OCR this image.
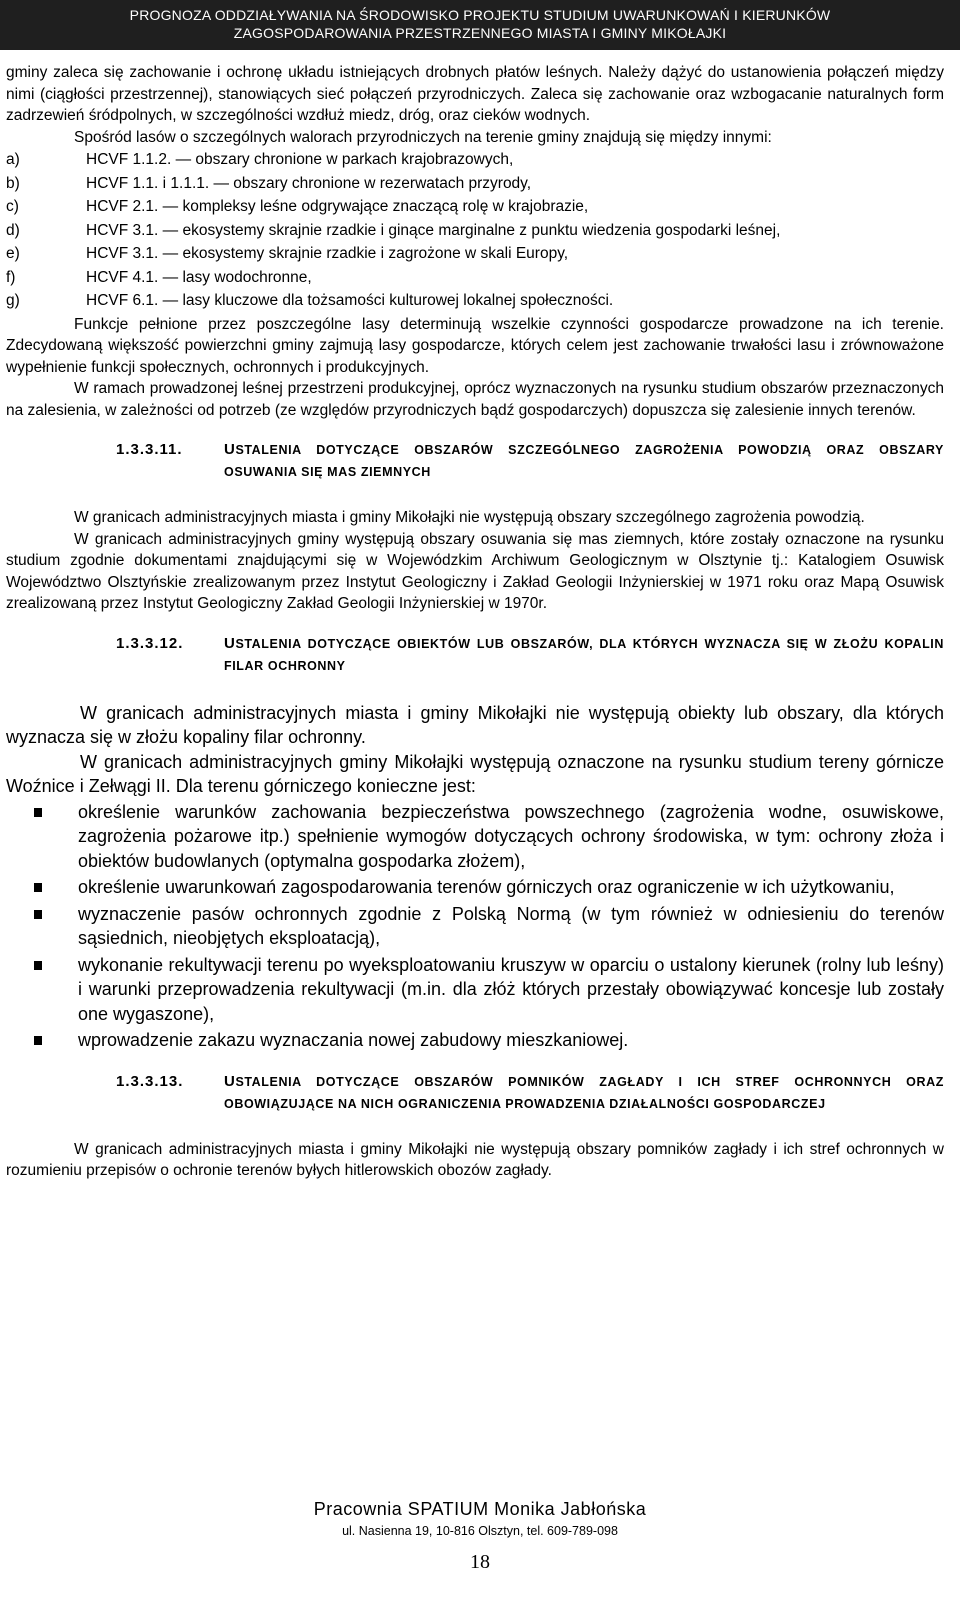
PROGNOZA ODDZIAŁYWANIA NA ŚRODOWISKO PROJEKTU STUDIUM UWARUNKOWAŃ I KIERUNKÓW
ZAGOSPODAROWANIA PRZESTRZENNEGO MIASTA I GMINY MIKOŁAJKI

gminy zaleca się zachowanie i ochronę układu istniejących drobnych płatów leśnych. Należy dążyć do ustanowienia połączeń między nimi (ciągłości przestrzennej), stanowiących sieć połączeń przyrodniczych. Zaleca się zachowanie oraz wzbogacanie naturalnych form zadrzewień śródpolnych, w szczególności wzdłuż miedz, dróg, oraz cieków wodnych.

Spośród lasów o szczególnych walorach przyrodniczych na terenie gminy znajdują się między innymi:

a)	HCVF 1.1.2. — obszary chronione w parkach krajobrazowych,
b)	HCVF 1.1. i 1.1.1. — obszary chronione w rezerwatach przyrody,
c)	HCVF 2.1. — kompleksy leśne odgrywające znaczącą rolę w krajobrazie,
d)	HCVF 3.1. — ekosystemy skrajnie rzadkie i ginące marginalne z punktu wiedzenia gospodarki leśnej,
e)	HCVF 3.1. — ekosystemy skrajnie rzadkie i zagrożone w skali Europy,
f)	HCVF 4.1. — lasy wodochronne,
g)	HCVF 6.1. — lasy kluczowe dla tożsamości kulturowej lokalnej społeczności.

Funkcje pełnione przez poszczególne lasy determinują wszelkie czynności gospodarcze prowadzone na ich terenie. Zdecydowaną większość powierzchni gminy zajmują lasy gospodarcze, których celem jest zachowanie trwałości lasu i zrównoważone wypełnienie funkcji społecznych, ochronnych i produkcyjnych.

W ramach prowadzonej leśnej przestrzeni produkcyjnej, oprócz wyznaczonych na rysunku studium obszarów przeznaczonych na zalesienia, w zależności od potrzeb (ze względów przyrodniczych bądź gospodarczych) dopuszcza się zalesienie innych terenów.

1.3.3.11.	USTALENIA DOTYCZĄCE OBSZARÓW SZCZEGÓLNEGO ZAGROŻENIA POWODZIĄ ORAZ OBSZARY OSUWANIA SIĘ MAS ZIEMNYCH

W granicach administracyjnych miasta i gminy Mikołajki nie występują obszary szczególnego zagrożenia powodzią.

W granicach administracyjnych gminy występują obszary osuwania się mas ziemnych, które zostały oznaczone na rysunku studium zgodnie dokumentami znajdującymi się w Wojewódzkim Archiwum Geologicznym w Olsztynie tj.: Katalogiem Osuwisk Województwo Olsztyńskie zrealizowanym przez Instytut Geologiczny i Zakład Geologii Inżynierskiej w 1971 roku oraz Mapą Osuwisk zrealizowaną przez Instytut Geologiczny Zakład Geologii Inżynierskiej w 1970r.

1.3.3.12.	USTALENIA DOTYCZĄCE OBIEKTÓW LUB OBSZARÓW, DLA KTÓRYCH WYZNACZA SIĘ W ZŁOŻU KOPALIN FILAR OCHRONNY

W granicach administracyjnych miasta i gminy Mikołajki nie występują obiekty lub obszary, dla których wyznacza się w złożu kopaliny filar ochronny.

W granicach administracyjnych gminy Mikołajki występują oznaczone na rysunku studium tereny górnicze Woźnice i Zełwągi II. Dla terenu górniczego konieczne jest:

określenie warunków zachowania bezpieczeństwa powszechnego (zagrożenia wodne, osuwiskowe, zagrożenia pożarowe itp.) spełnienie wymogów dotyczących ochrony środowiska, w tym: ochrony złoża i obiektów budowlanych (optymalna gospodarka złożem),
określenie uwarunkowań zagospodarowania terenów górniczych oraz ograniczenie w ich użytkowaniu,
wyznaczenie pasów ochronnych zgodnie z Polską Normą (w tym również w odniesieniu do terenów sąsiednich, nieobjętych eksploatacją),
wykonanie rekultywacji terenu po wyeksploatowaniu kruszyw w oparciu o ustalony kierunek (rolny lub leśny) i warunki przeprowadzenia rekultywacji (m.in. dla złóż których przestały obowiązywać koncesje lub zostały one wygaszone),
wprowadzenie zakazu wyznaczania nowej zabudowy mieszkaniowej.
1.3.3.13.	USTALENIA DOTYCZĄCE OBSZARÓW POMNIKÓW ZAGŁADY I ICH STREF OCHRONNYCH ORAZ OBOWIĄZUJĄCE NA NICH OGRANICZENIA PROWADZENIA DZIAŁALNOŚCI GOSPODARCZEJ

W granicach administracyjnych miasta i gminy Mikołajki nie występują obszary pomników zagłady i ich stref ochronnych w rozumieniu przepisów o ochronie terenów byłych hitlerowskich obozów zagłady.

Pracownia SPATIUM Monika Jabłońska
ul. Nasienna 19, 10-816 Olsztyn, tel. 609-789-098
18
